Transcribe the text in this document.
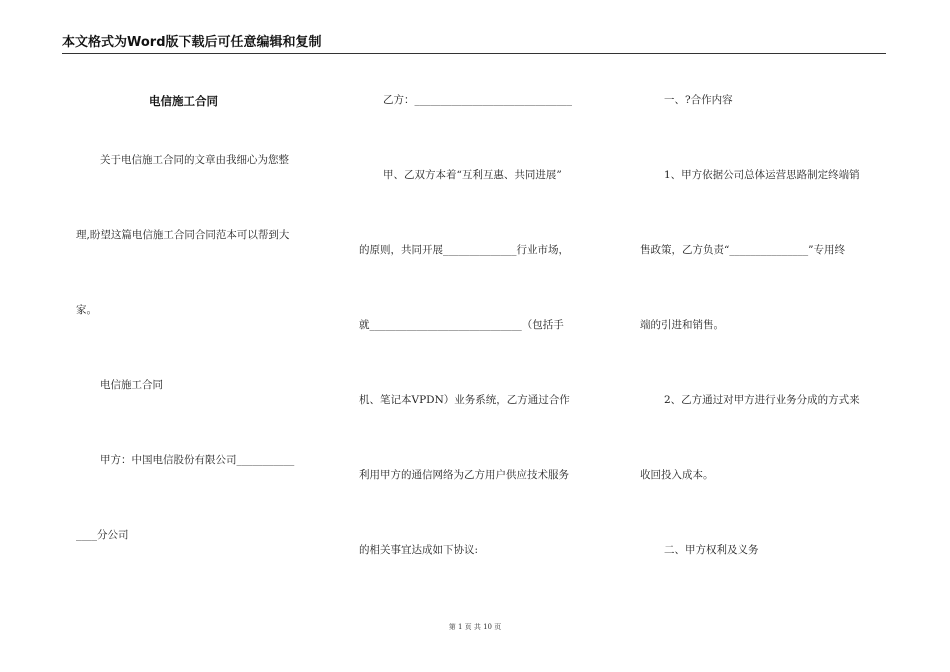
本文格式为Word版下载后可任意编辑和复制
电信施工合同
关于电信施工合同的文章由我细心为您整
理,盼望这篇电信施工合同合同范本可以帮到大
家。
电信施工合同
甲方：中国电信股份有限公司___________
____分公司
乙方：______________________________
甲、乙双方本着“互利互惠、共同进展”
的原则，共同开展______________行业市场，
就_____________________________（包括手
机、笔记本VPDN）业务系统，乙方通过合作
利用甲方的通信网络为乙方用户供应技术服务
的相关事宜达成如下协议:
一、?合作内容
1、甲方依据公司总体运营思路制定终端销
售政策，乙方负责“_______________”专用终
端的引进和销售。
2、乙方通过对甲方进行业务分成的方式来
收回投入成本。
二、甲方权利及义务
第 1 页 共 10 页
